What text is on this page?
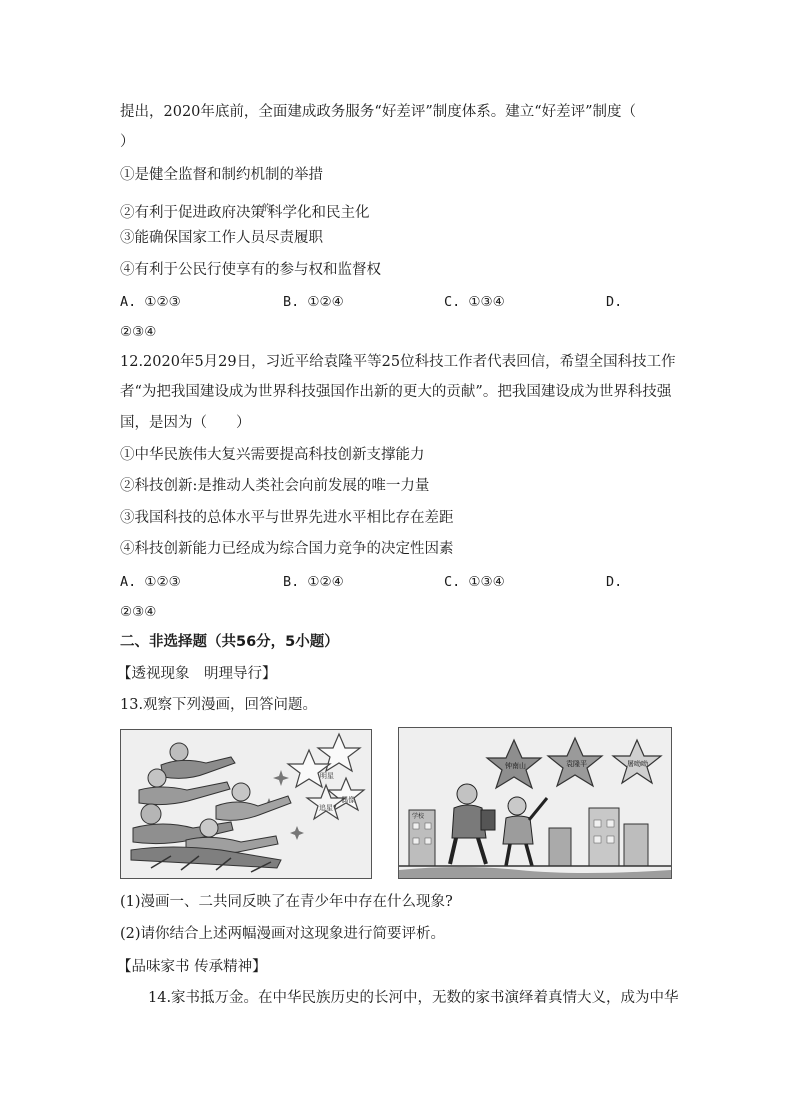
提出，2020年底前，全面建成政务服务“好差评”制度体系。建立“好差评”制度（
）
①是健全监督和制约机制的举措
②有利于促进政府决策$^的$科学化和民主化
③能确保国家工作人员尽责履职
④有利于公民行使享有的参与权和监督权
A. ①②③	B. ①②④	C. ①③④	D.
②③④
12.2020年5月29日，习近平给袁隆平等25位科技工作者代表回信，希望全国科技工作
者“为把我国建设成为世界科技强国作出新的更大的贡献”。把我国建设成为世界科技强
国，是因为（　　）
①中华民族伟大复兴需要提高科技创新支撑能力
②科技创新:是推动人类社会向前发展的唯一力量
③我国科技的总体水平与世界先进水平相比存在差距
④科技创新能力已经成为综合国力竞争的决定性因素
A. ①②③	B. ①②④	C. ①③④	D.
②③④
二、非选择题（共56分，5小题）
【透视现象　明理导行】
13.观察下列漫画，回答问题。
明星
偶像
追星
钟南山	袁隆平	屠呦呦
学校
(1)漫画一、二共同反映了在青少年中存在什么现象?
(2)请你结合上述两幅漫画对这现象进行简要评析。
【品味家书 传承精神】
14.家书抵万金。在中华民族历史的长河中，无数的家书演绎着真情大义，成为中华
